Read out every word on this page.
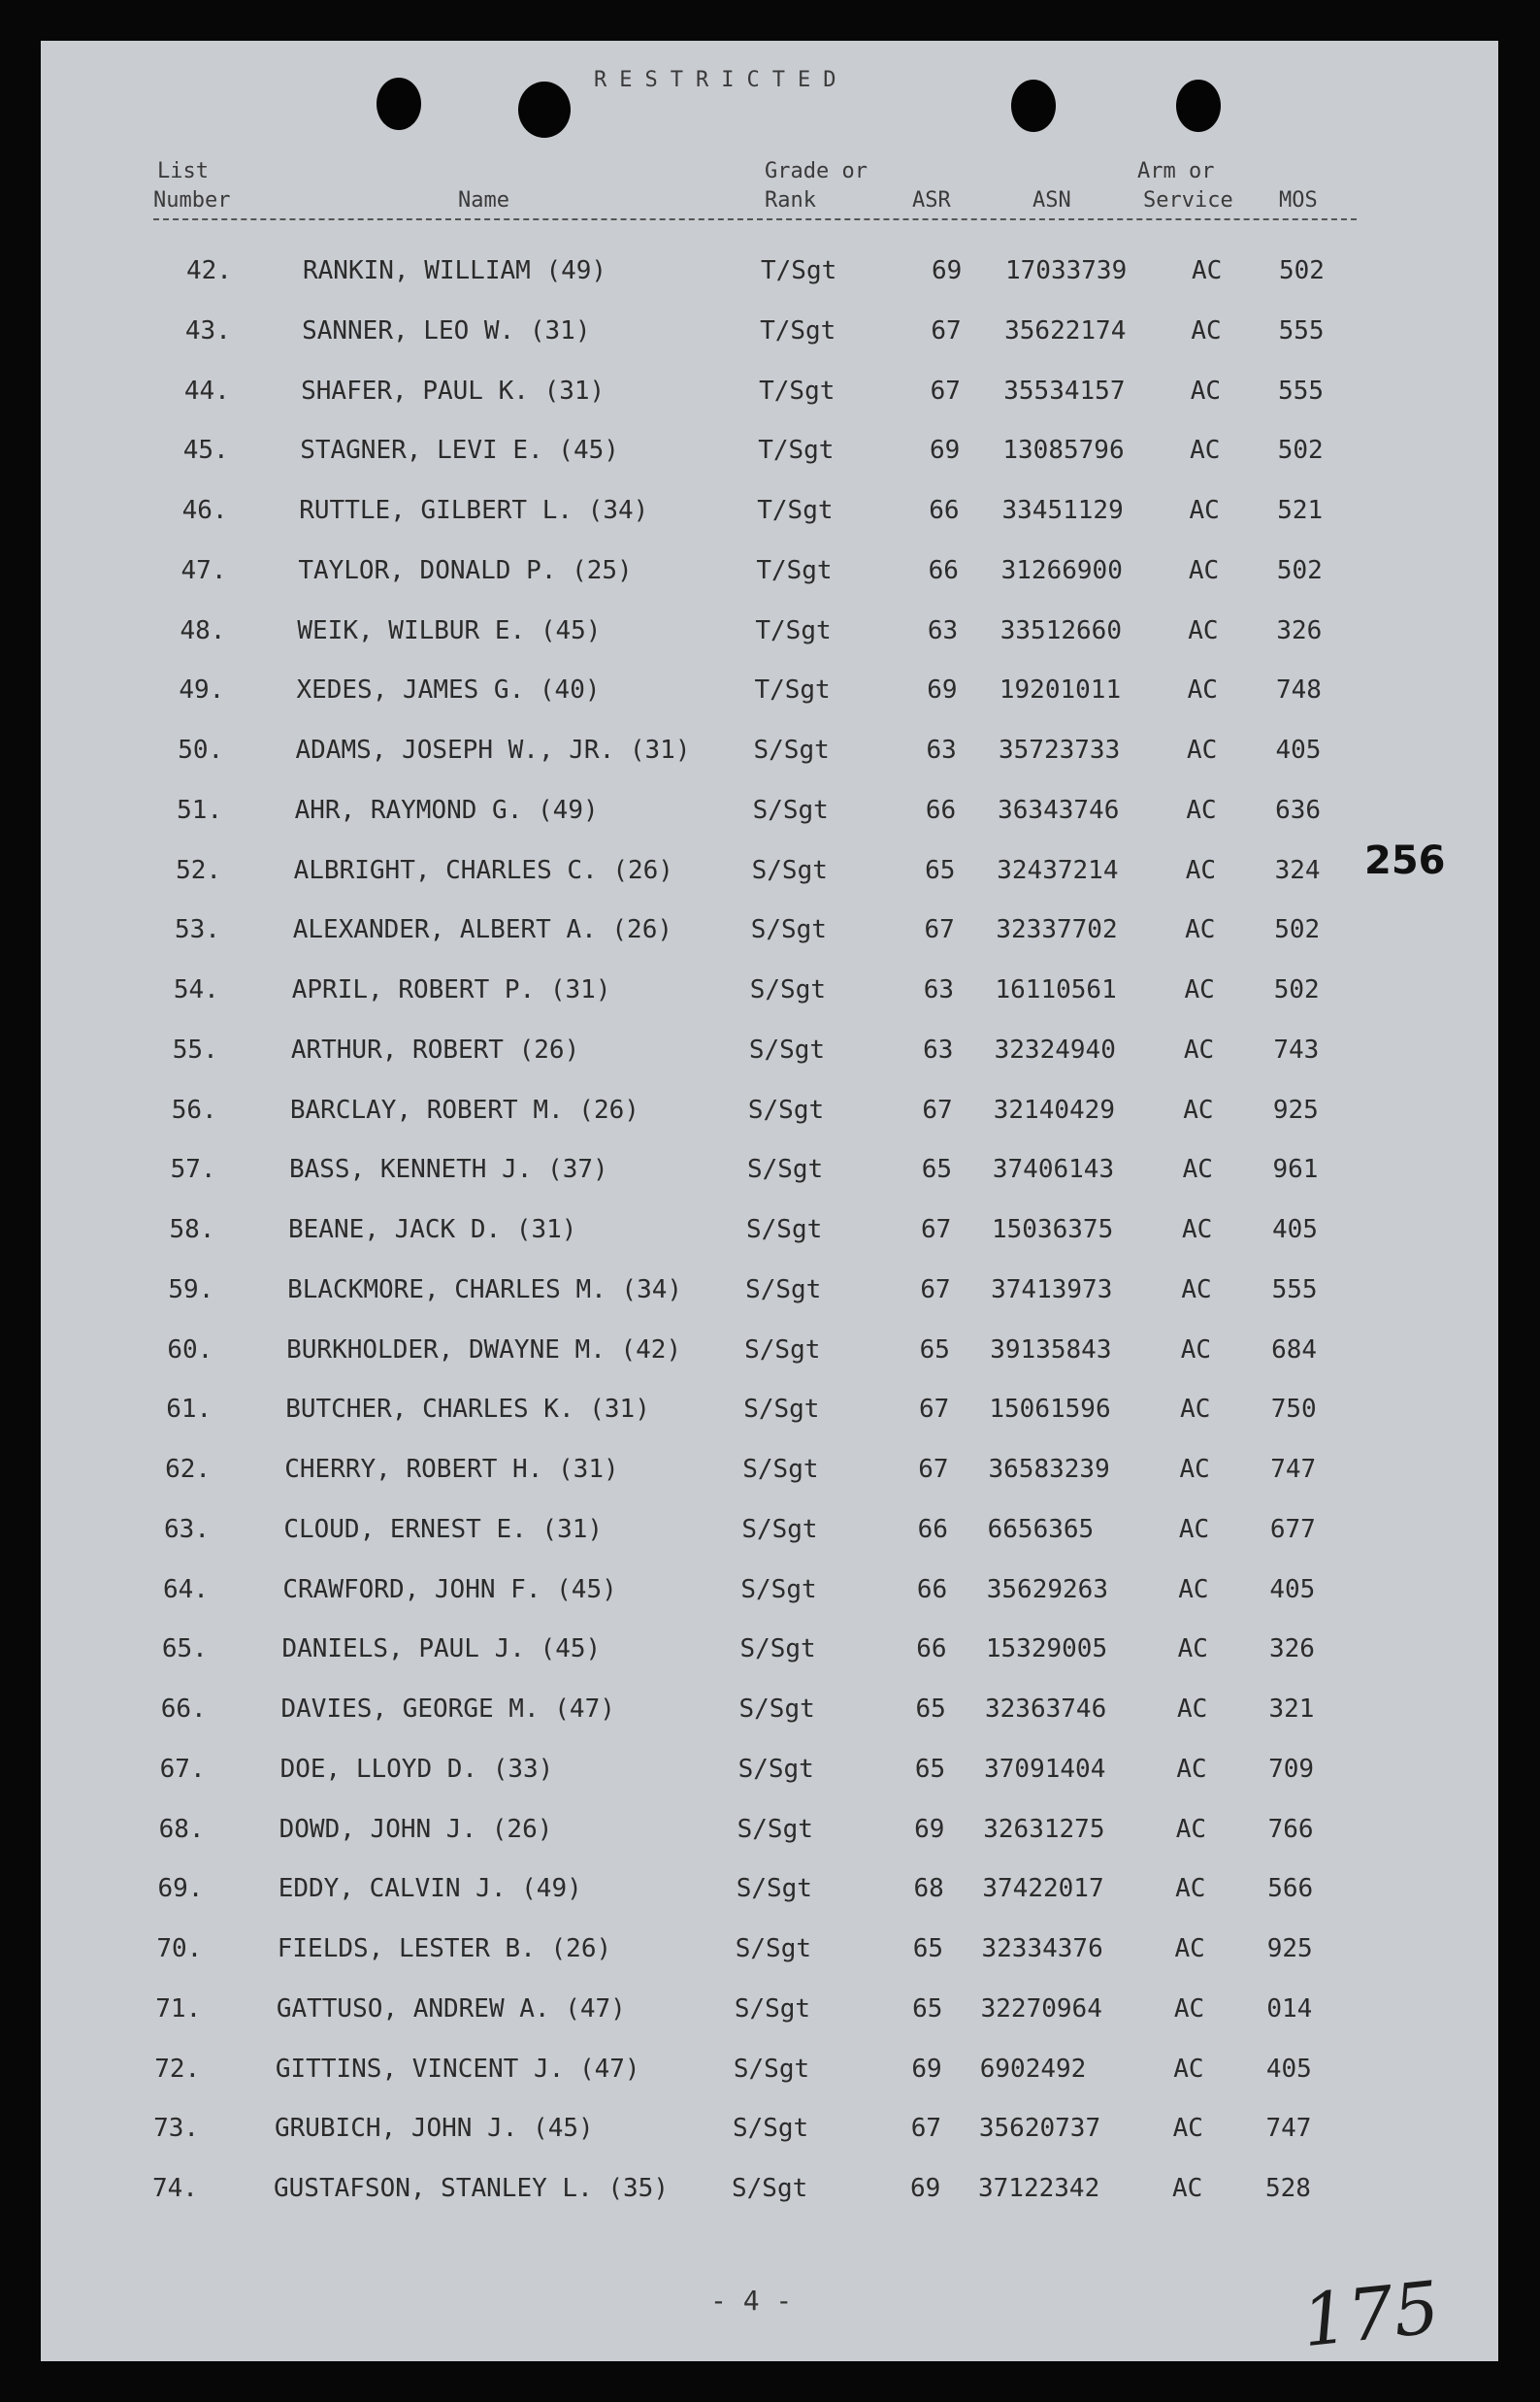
RESTRICTED
List
Number	Name
Grade or
Rank	ASR	ASN
Arm or
Service MOS
42.	RANKIN, WILLIAM (49)	T/Sgt	69 17033739	AC 502
43.	SANNER, LEO W. (31)	T/Sgt	67 35622174	AC 555
44.	SHAFER, PAUL K. (31)	T/Sgt	67 35534157	AC 555
45.	STAGNER, LEVI E. (45)	T/Sgt	69 13085796	AC 502
46.	RUTTLE, GILBERT L. (34)	T/Sgt	66 33451129	AC 521
47.	TAYLOR, DONALD P. (25)	T/Sgt	66 31266900	AC 502
48.	WEIK, WILBUR E. (45)	T/Sgt	63 33512660	AC 326
49.	XEDES, JAMES G. (40)	T/Sgt	69 19201011	AC 748
50.	ADAMS, JOSEPH W., JR. (31)	S/Sgt	63 35723733	AC 405
51.	AHR, RAYMOND G. (49)	S/Sgt	66 36343746	AC 636
52.	ALBRIGHT, CHARLES C. (26)	S/Sgt	65 32437214	AC 324
53.	ALEXANDER, ALBERT A. (26)	S/Sgt	67 32337702	AC 502
54.	APRIL, ROBERT P. (31)	S/Sgt	63 16110561	AC 502
55.	ARTHUR, ROBERT (26)	S/Sgt	63 32324940	AC 743
56.	BARCLAY, ROBERT M. (26)	S/Sgt	67 32140429	AC 925
57.	BASS, KENNETH J. (37)	S/Sgt	65 37406143	AC 961
58.	BEANE, JACK D. (31)	S/Sgt	67 15036375	AC 405
59.	BLACKMORE, CHARLES M. (34)	S/Sgt	67 37413973	AC 555
60.	BURKHOLDER, DWAYNE M. (42)	S/Sgt	65 39135843	AC 684
61.	BUTCHER, CHARLES K. (31)	S/Sgt	67 15061596	AC 750
62.	CHERRY, ROBERT H. (31)	S/Sgt	67 36583239	AC 747
63.	CLOUD, ERNEST E. (31)	S/Sgt	66 6656365	AC 677
64.	CRAWFORD, JOHN F. (45)	S/Sgt	66 35629263	AC 405
65.	DANIELS, PAUL J. (45)	S/Sgt	66 15329005	AC 326
66.	DAVIES, GEORGE M. (47)	S/Sgt	65 32363746	AC 321
67.	DOE, LLOYD D. (33)	S/Sgt	65 37091404	AC 709
68.	DOWD, JOHN J. (26)	S/Sgt	69 32631275	AC 766
69.	EDDY, CALVIN J. (49)	S/Sgt	68 37422017	AC 566
70.	FIELDS, LESTER B. (26)	S/Sgt	65 32334376	AC 925
71.	GATTUSO, ANDREW A. (47)	S/Sgt	65 32270964	AC 014
72.	GITTINS, VINCENT J. (47)	S/Sgt	69 6902492	AC 405
73.	GRUBICH, JOHN J. (45)	S/Sgt	67 35620737	AC 747
74.	GUSTAFSON, STANLEY L. (35)	S/Sgt	69 37122342	AC 528
256
- 4 -	175
